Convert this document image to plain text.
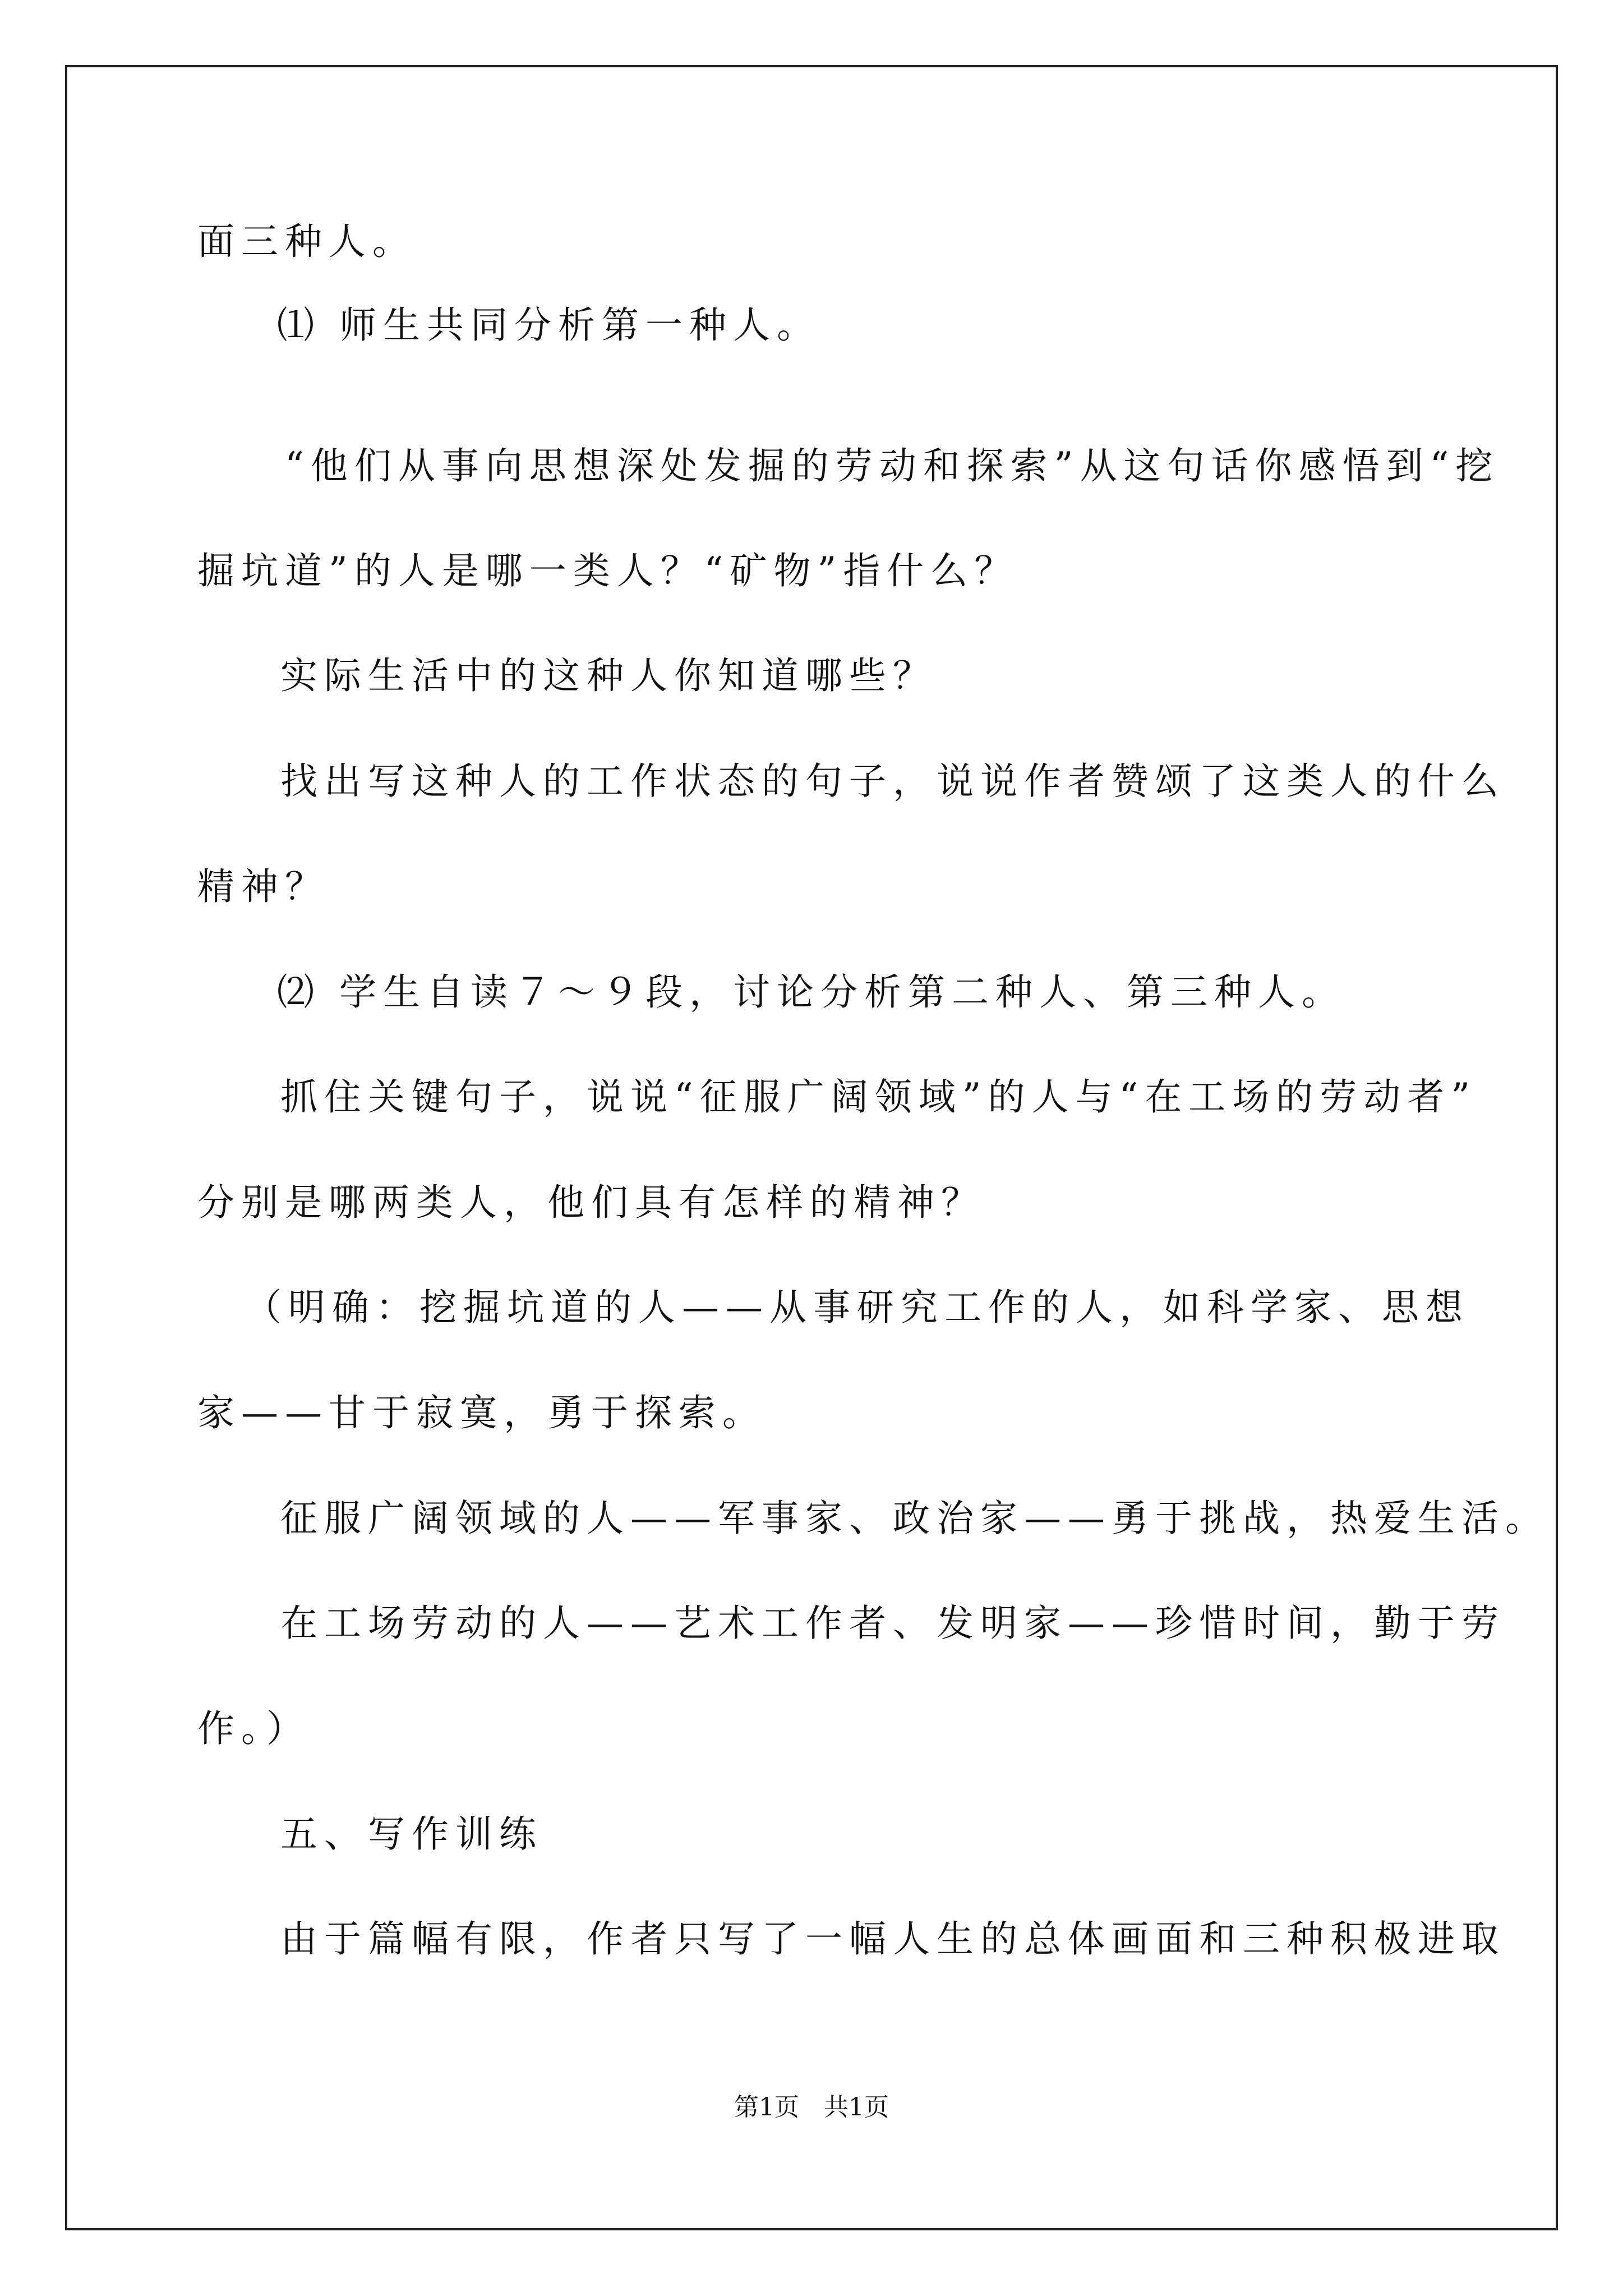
面三种人。
⑴ 师生共同分析第一种人。
“他们从事向思想深处发掘的劳动和探索”从这句话你感悟到“挖
掘坑道”的人是哪一类人？“矿物”指什么？
实际生活中的这种人你知道哪些？
找出写这种人的工作状态的句子，说说作者赞颂了这类人的什么
精神？
⑵ 学生自读７～９段，讨论分析第二种人、第三种人。
抓住关键句子，说说“征服广阔领域”的人与“在工场的劳动者”
分别是哪两类人，他们具有怎样的精神？
（明确：挖掘坑道的人——从事研究工作的人，如科学家、思想
家——甘于寂寞，勇于探索。
征服广阔领域的人——军事家、政治家——勇于挑战，热爱生活。
在工场劳动的人——艺术工作者、发明家——珍惜时间，勤于劳
作。）
五、写作训练
由于篇幅有限，作者只写了一幅人生的总体画面和三种积极进取
第1页　共1页
